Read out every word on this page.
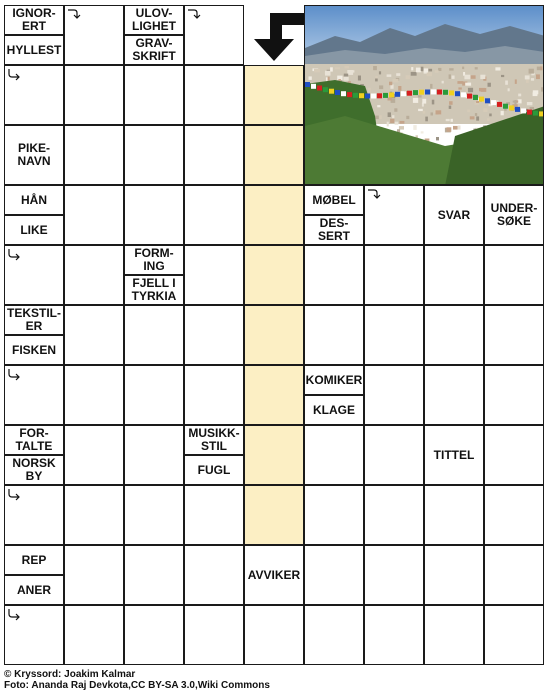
IGNOR-
ERT
HYLLEST
ULOV-
LIGHET
GRAV-
SKRIFT
PIKE-
NAVN
HÅN
LIKE
MØBEL
DES-
SERT
SVAR UNDER-
SØKE
FORM-
ING
FJELL I
TYRKIA
TEKSTIL-
ER
FISKEN
KOMIKER
KLAGE
FOR-
TALTE
NORSK
BY
MUSIKK-
STIL
FUGL
TITTEL
REP
ANER
AVVIKER
© Kryssord: Joakim Kalmar
Foto: Ananda Raj Devkota,CC BY-SA 3.0,Wiki Commons
